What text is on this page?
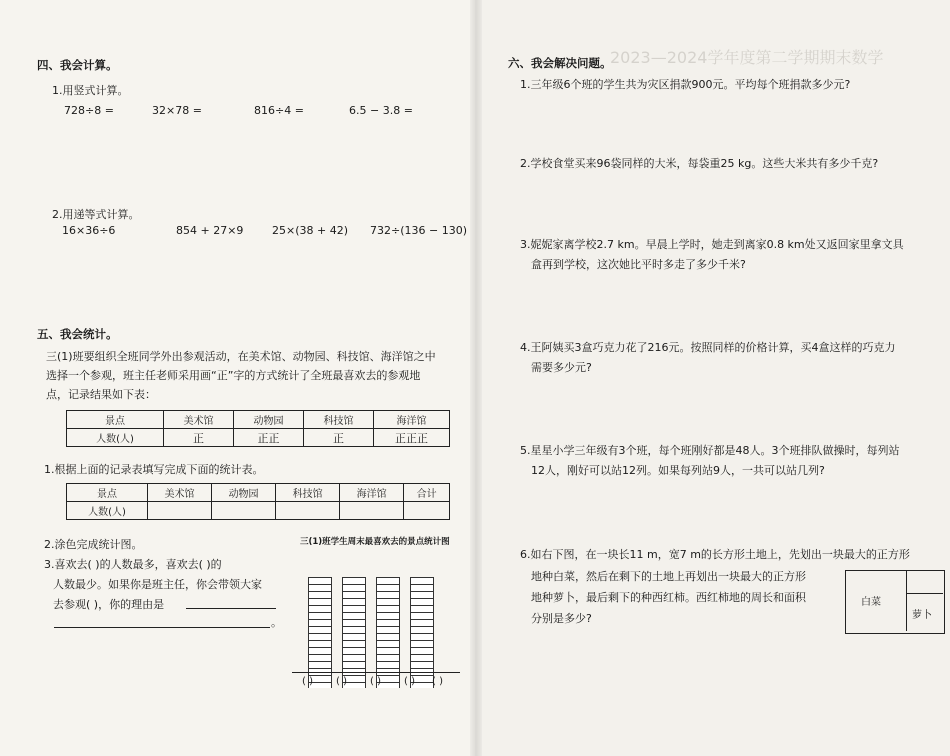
2023—2024学年度第二学期期末数学
四、我会计算。
1.用竖式计算。
728÷8 =	32×78 =	816÷4 =	6.5 − 3.8 =
2.用递等式计算。
16×36÷6	854 + 27×9	25×(38 + 42) 732÷(136 − 130)
五、我会统计。
三(1)班要组织全班同学外出参观活动，在美术馆、动物园、科技馆、海洋馆之中
选择一个参观，班主任老师采用画“正”字的方式统计了全班最喜欢去的参观地
点，记录结果如下表：
景点	美术馆	动物园	科技馆	海洋馆
人数(人)	正	正正	正	正正正
1.根据上面的记录表填写完成下面的统计表。
景点	美术馆	动物园	科技馆	海洋馆	合计
人数(人)					
2.涂色完成统计图。
3.喜欢去( )的人数最多，喜欢去( )的
人数最少。如果你是班主任，你会带领大家
去参观( )，你的理由是
。
三(1)班学生周末最喜欢去的景点统计图
( ) ( ) ( ) ( ) ( )
六、我会解决问题。
1.三年级6个班的学生共为灾区捐款900元。平均每个班捐款多少元?
2.学校食堂买来96袋同样的大米，每袋重25 kg。这些大米共有多少千克?
3.妮妮家离学校2.7 km。早晨上学时，她走到离家0.8 km处又返回家里拿文具
盒再到学校，这次她比平时多走了多少千米?
4.王阿姨买3盒巧克力花了216元。按照同样的价格计算，买4盒这样的巧克力
需要多少元?
5.星星小学三年级有3个班，每个班刚好都是48人。3个班排队做操时，每列站
12人，刚好可以站12列。如果每列站9人，一共可以站几列?
6.如右下图，在一块长11 m，宽7 m的长方形土地上，先划出一块最大的正方形
地种白菜，然后在剩下的土地上再划出一块最大的正方形
地种萝卜，最后剩下的种西红柿。西红柿地的周长和面积
分别是多少?
白菜
萝卜
